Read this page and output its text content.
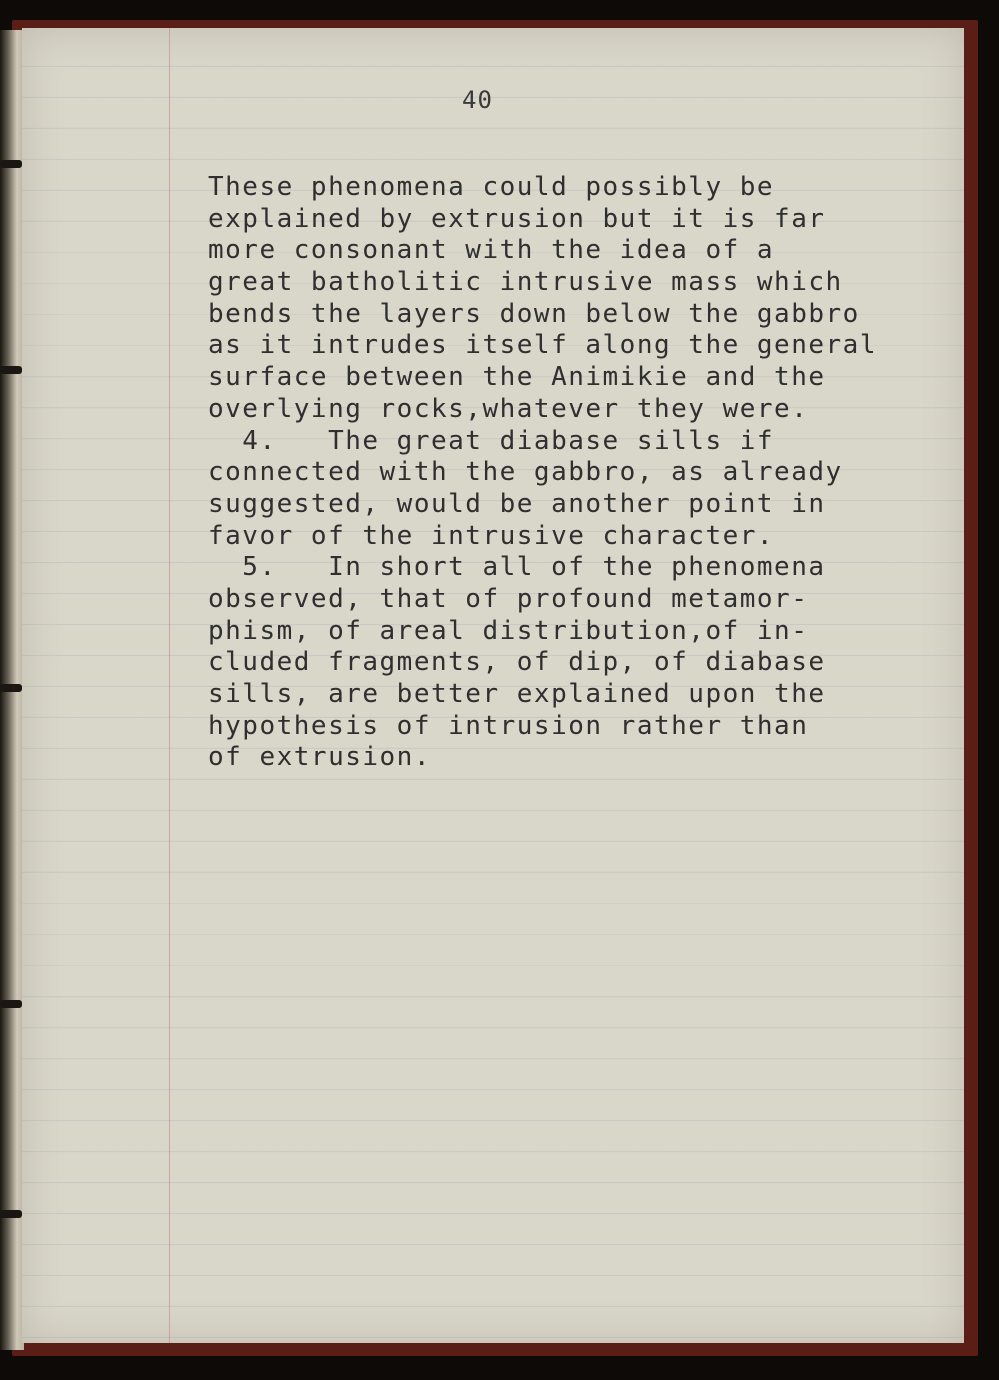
40
These phenomena could possibly be
explained by extrusion but it is far
more consonant with the idea of a
great batholitic intrusive mass which
bends the layers down below the gabbro
as it intrudes itself along the general
surface between the Animikie and the
overlying rocks,whatever they were.
4.   The great diabase sills if
connected with the gabbro, as already
suggested, would be another point in
favor of the intrusive character.
5.   In short all of the phenomena
observed, that of profound metamor-
phism, of areal distribution,of in-
cluded fragments, of dip, of diabase
sills, are better explained upon the
hypothesis of intrusion rather than
of extrusion.
